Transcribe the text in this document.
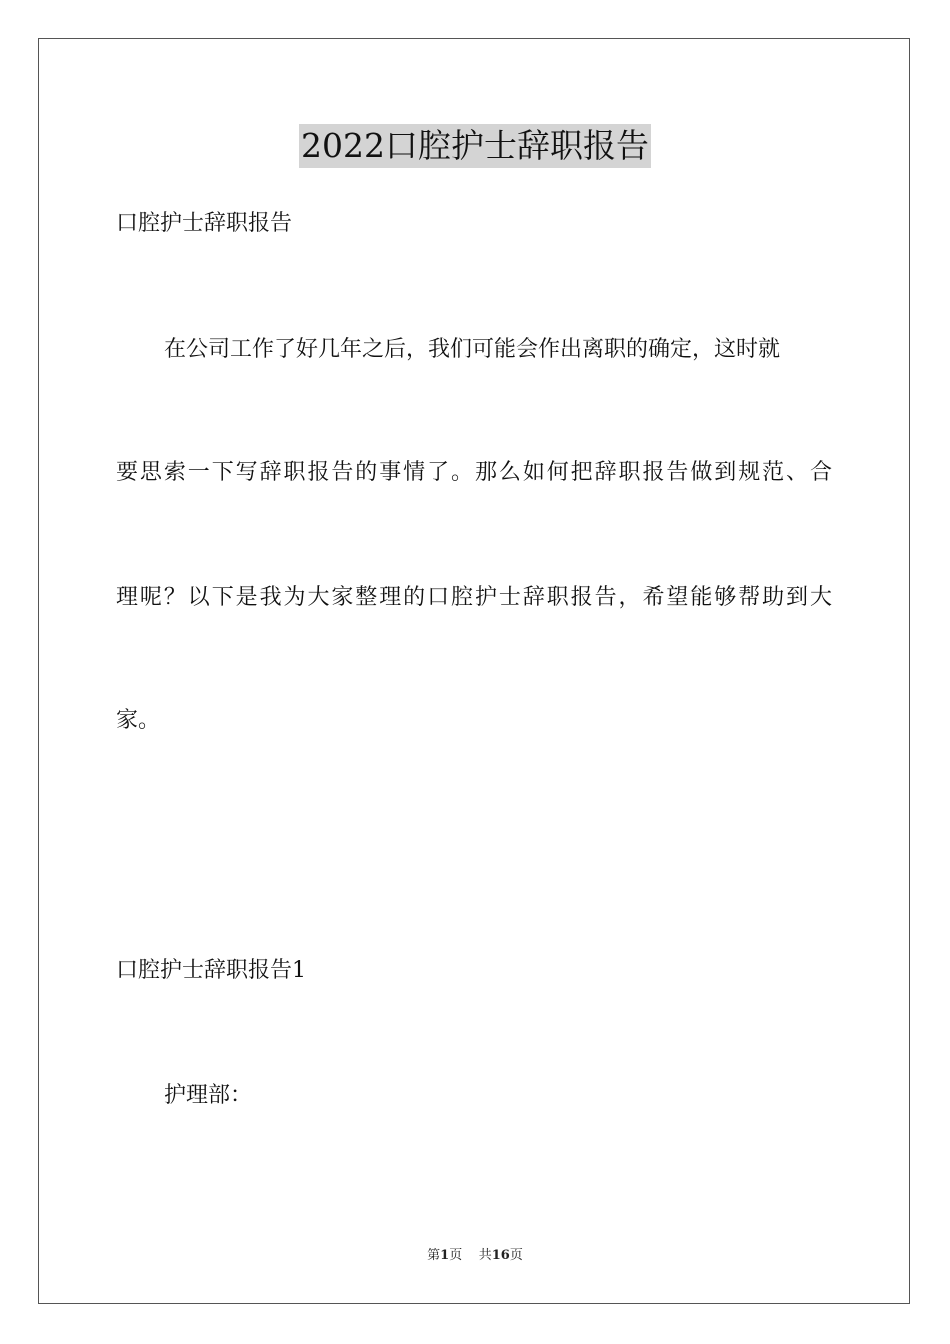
2022口腔护士辞职报告
口腔护士辞职报告
在公司工作了好几年之后，我们可能会作出离职的确定，这时就
要思索一下写辞职报告的事情了。那么如何把辞职报告做到规范、合
理呢？以下是我为大家整理的口腔护士辞职报告，希望能够帮助到大
家。
口腔护士辞职报告1
护理部：
第1页 共16页
